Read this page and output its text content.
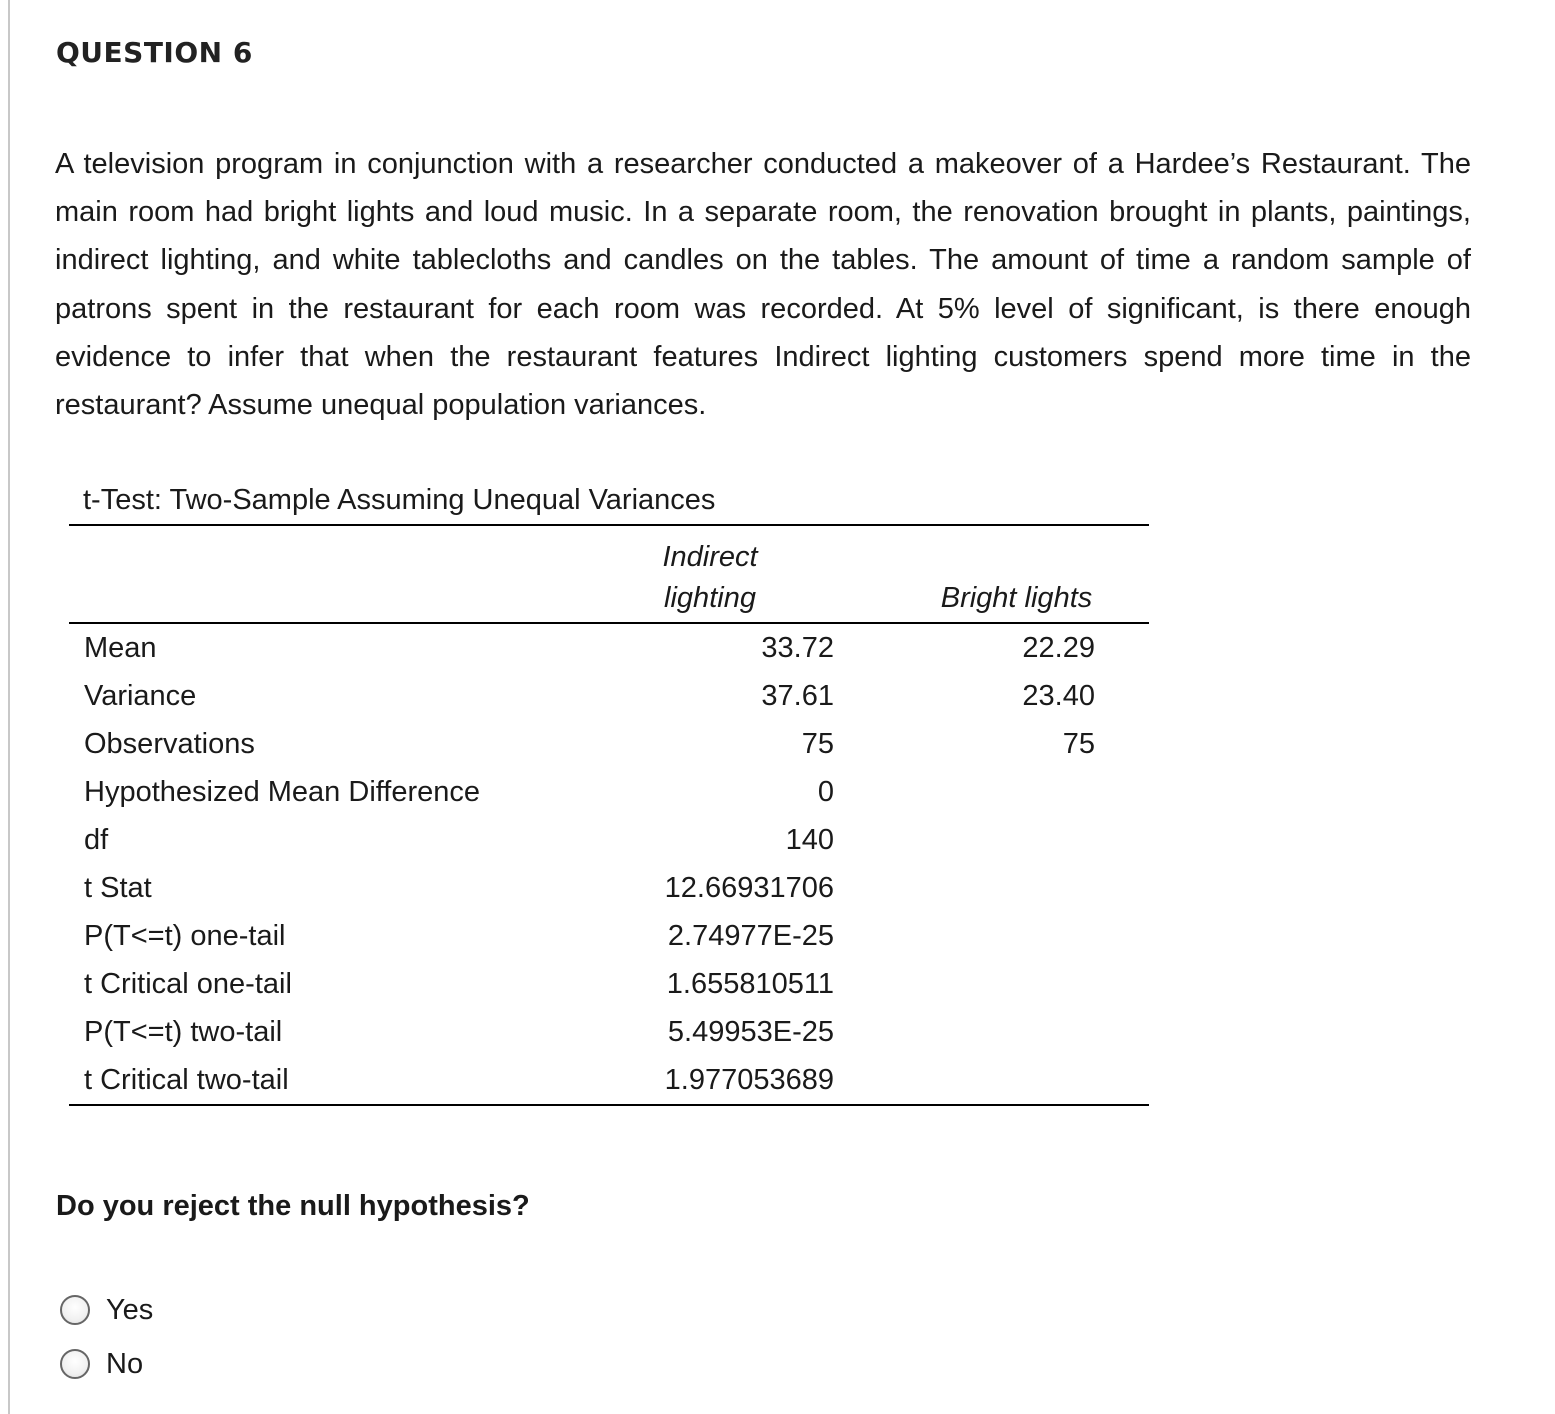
QUESTION 6
A television program in conjunction with a researcher conducted a makeover of a Hardee’s Restaurant. The main room had bright lights and loud music. In a separate room, the renovation brought in plants, paintings, indirect lighting, and white tablecloths and candles on the tables. The amount of time a random sample of patrons spent in the restaurant for each room was recorded. At 5% level of significant, is there enough evidence to infer that when the restaurant features Indirect lighting customers spend more time in the restaurant? Assume unequal population variances.
t-Test: Two-Sample Assuming Unequal Variances
	Indirect	
	lighting	Bright lights
Mean	33.72	22.29
Variance	37.61	23.40
Observations	75	75
Hypothesized Mean Difference	0	
df	140	
t Stat	12.66931706	
P(T<=t) one-tail	2.74977E-25	
t Critical one-tail	1.655810511	
P(T<=t) two-tail	5.49953E-25	
t Critical two-tail	1.977053689	
Do you reject the null hypothesis?
Yes
No
